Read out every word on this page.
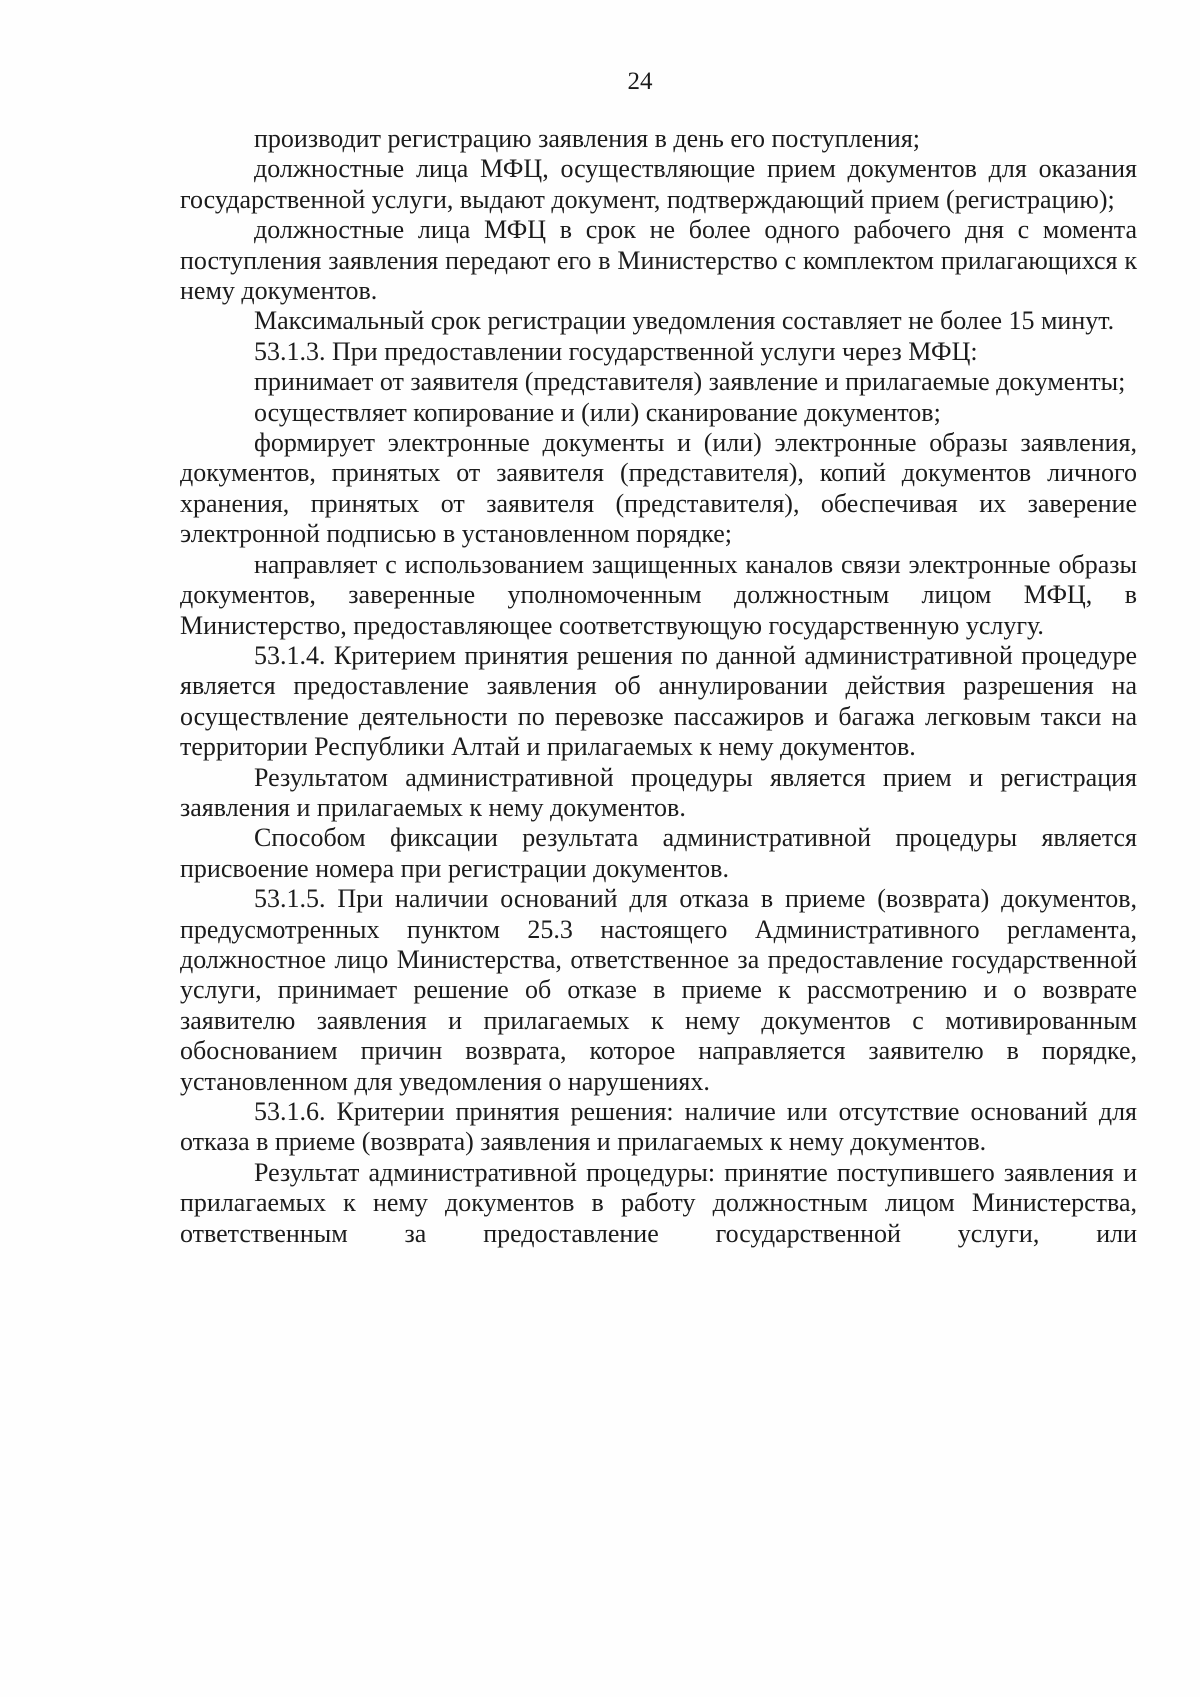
24

производит регистрацию заявления в день его поступления;

должностные лица МФЦ, осуществляющие прием документов для оказания государственной услуги, выдают документ, подтверждающий прием (регистрацию);

должностные лица МФЦ в срок не более одного рабочего дня с момента поступления заявления передают его в Министерство с комплектом прилагающихся к нему документов.

Максимальный срок регистрации уведомления составляет не более 15 минут.

53.1.3. При предоставлении государственной услуги через МФЦ:

принимает от заявителя (представителя) заявление и прилагаемые документы;

осуществляет копирование и (или) сканирование документов;

формирует электронные документы и (или) электронные образы заявления, документов, принятых от заявителя (представителя), копий документов личного хранения, принятых от заявителя (представителя), обеспечивая их заверение электронной подписью в установленном порядке;

направляет с использованием защищенных каналов связи электронные образы документов, заверенные уполномоченным должностным лицом МФЦ, в Министерство, предоставляющее соответствующую государственную услугу.

53.1.4. Критерием принятия решения по данной административной процедуре является предоставление заявления об аннулировании действия разрешения на осуществление деятельности по перевозке пассажиров и багажа легковым такси на территории Республики Алтай и прилагаемых к нему документов.

Результатом административной процедуры является прием и регистрация заявления и прилагаемых к нему документов.

Способом фиксации результата административной процедуры является присвоение номера при регистрации документов.

53.1.5. При наличии оснований для отказа в приеме (возврата) документов, предусмотренных пунктом 25.3 настоящего Административного регламента, должностное лицо Министерства, ответственное за предоставление государственной услуги, принимает решение об отказе в приеме к рассмотрению и о возврате заявителю заявления и прилагаемых к нему документов с мотивированным обоснованием причин возврата, которое направляется заявителю в порядке, установленном для уведомления о нарушениях.

53.1.6. Критерии принятия решения: наличие или отсутствие оснований для отказа в приеме (возврата) заявления и прилагаемых к нему документов.

Результат административной процедуры: принятие поступившего заявления и прилагаемых к нему документов в работу должностным лицом Министерства, ответственным за предоставление государственной услуги, или
